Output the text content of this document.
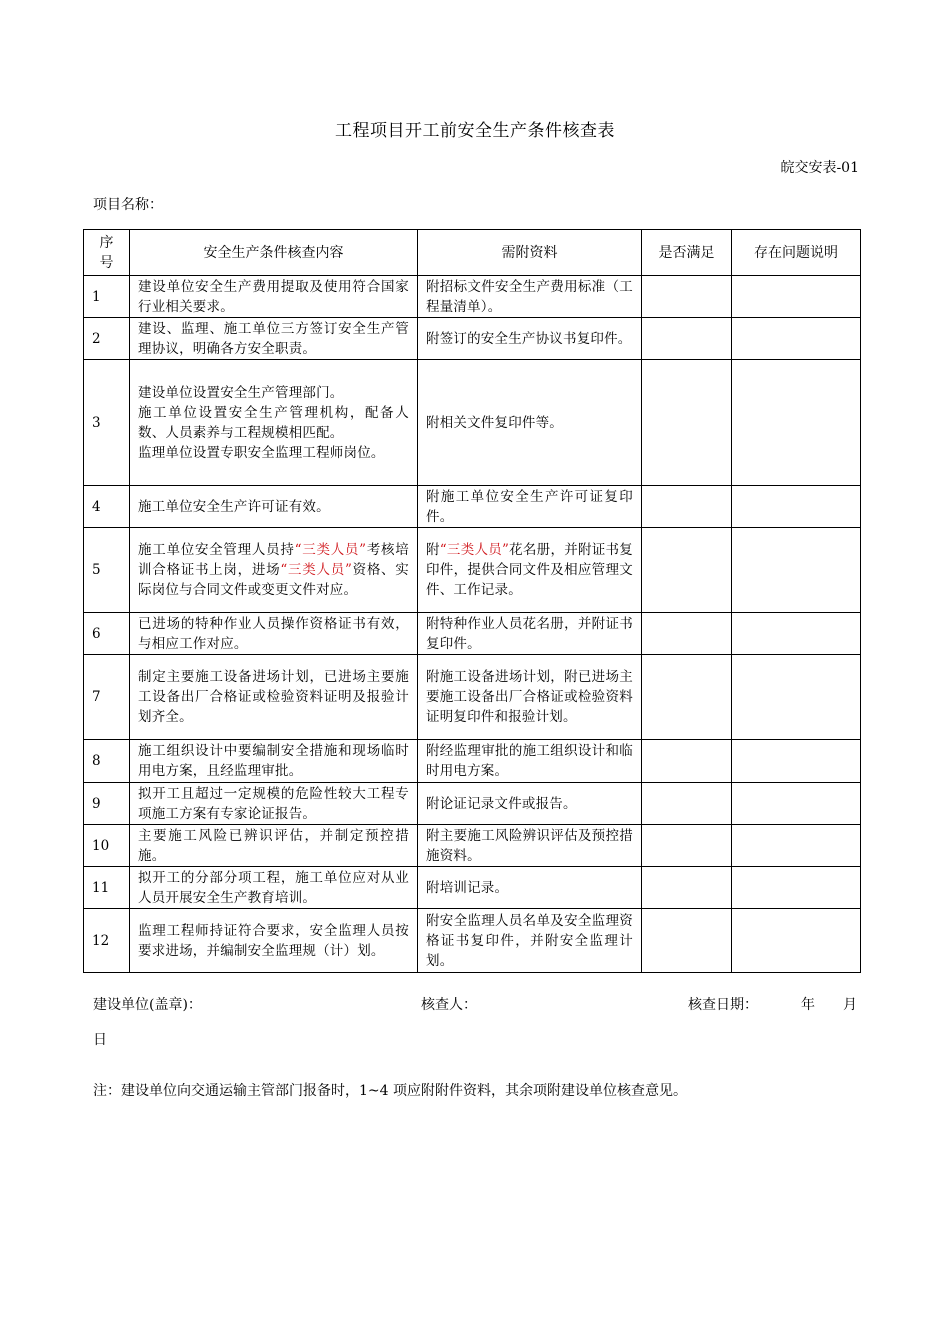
工程项目开工前安全生产条件核查表
皖交安表-01
项目名称：
序
号	安全生产条件核查内容	需附资料	是否满足	存在问题说明
1	建设单位安全生产费用提取及使用符合国家行业相关要求。	附招标文件安全生产费用标准（工程量清单）。		
2	建设、监理、施工单位三方签订安全生产管理协议，明确各方安全职责。	附签订的安全生产协议书复印件。		
3	建设单位设置安全生产管理部门。
施工单位设置安全生产管理机构，配备人数、人员素养与工程规模相匹配。
监理单位设置专职安全监理工程师岗位。	附相关文件复印件等。		
4	施工单位安全生产许可证有效。	附施工单位安全生产许可证复印件。		
5	施工单位安全管理人员持“三类人员”考核培训合格证书上岗，进场“三类人员”资格、实际岗位与合同文件或变更文件对应。	附“三类人员”花名册，并附证书复印件，提供合同文件及相应管理文件、工作记录。		
6	已进场的特种作业人员操作资格证书有效，与相应工作对应。	附特种作业人员花名册，并附证书复印件。		
7	制定主要施工设备进场计划，已进场主要施工设备出厂合格证或检验资料证明及报验计划齐全。	附施工设备进场计划，附已进场主要施工设备出厂合格证或检验资料证明复印件和报验计划。		
8	施工组织设计中要编制安全措施和现场临时用电方案，且经监理审批。	附经监理审批的施工组织设计和临时用电方案。		
9	拟开工且超过一定规模的危险性较大工程专项施工方案有专家论证报告。	附论证记录文件或报告。		
10	主要施工风险已辨识评估，并制定预控措施。	附主要施工风险辨识评估及预控措施资料。		
11	拟开工的分部分项工程，施工单位应对从业人员开展安全生产教育培训。	附培训记录。		
12	监理工程师持证符合要求，安全监理人员按要求进场，并编制安全监理规（计）划。	附安全监理人员名单及安全监理资格证书复印件，并附安全监理计划。		
建设单位(盖章)：	核查人：	核查日期：	年 月
日
注：建设单位向交通运输主管部门报备时，1~4 项应附附件资料，其余项附建设单位核查意见。
